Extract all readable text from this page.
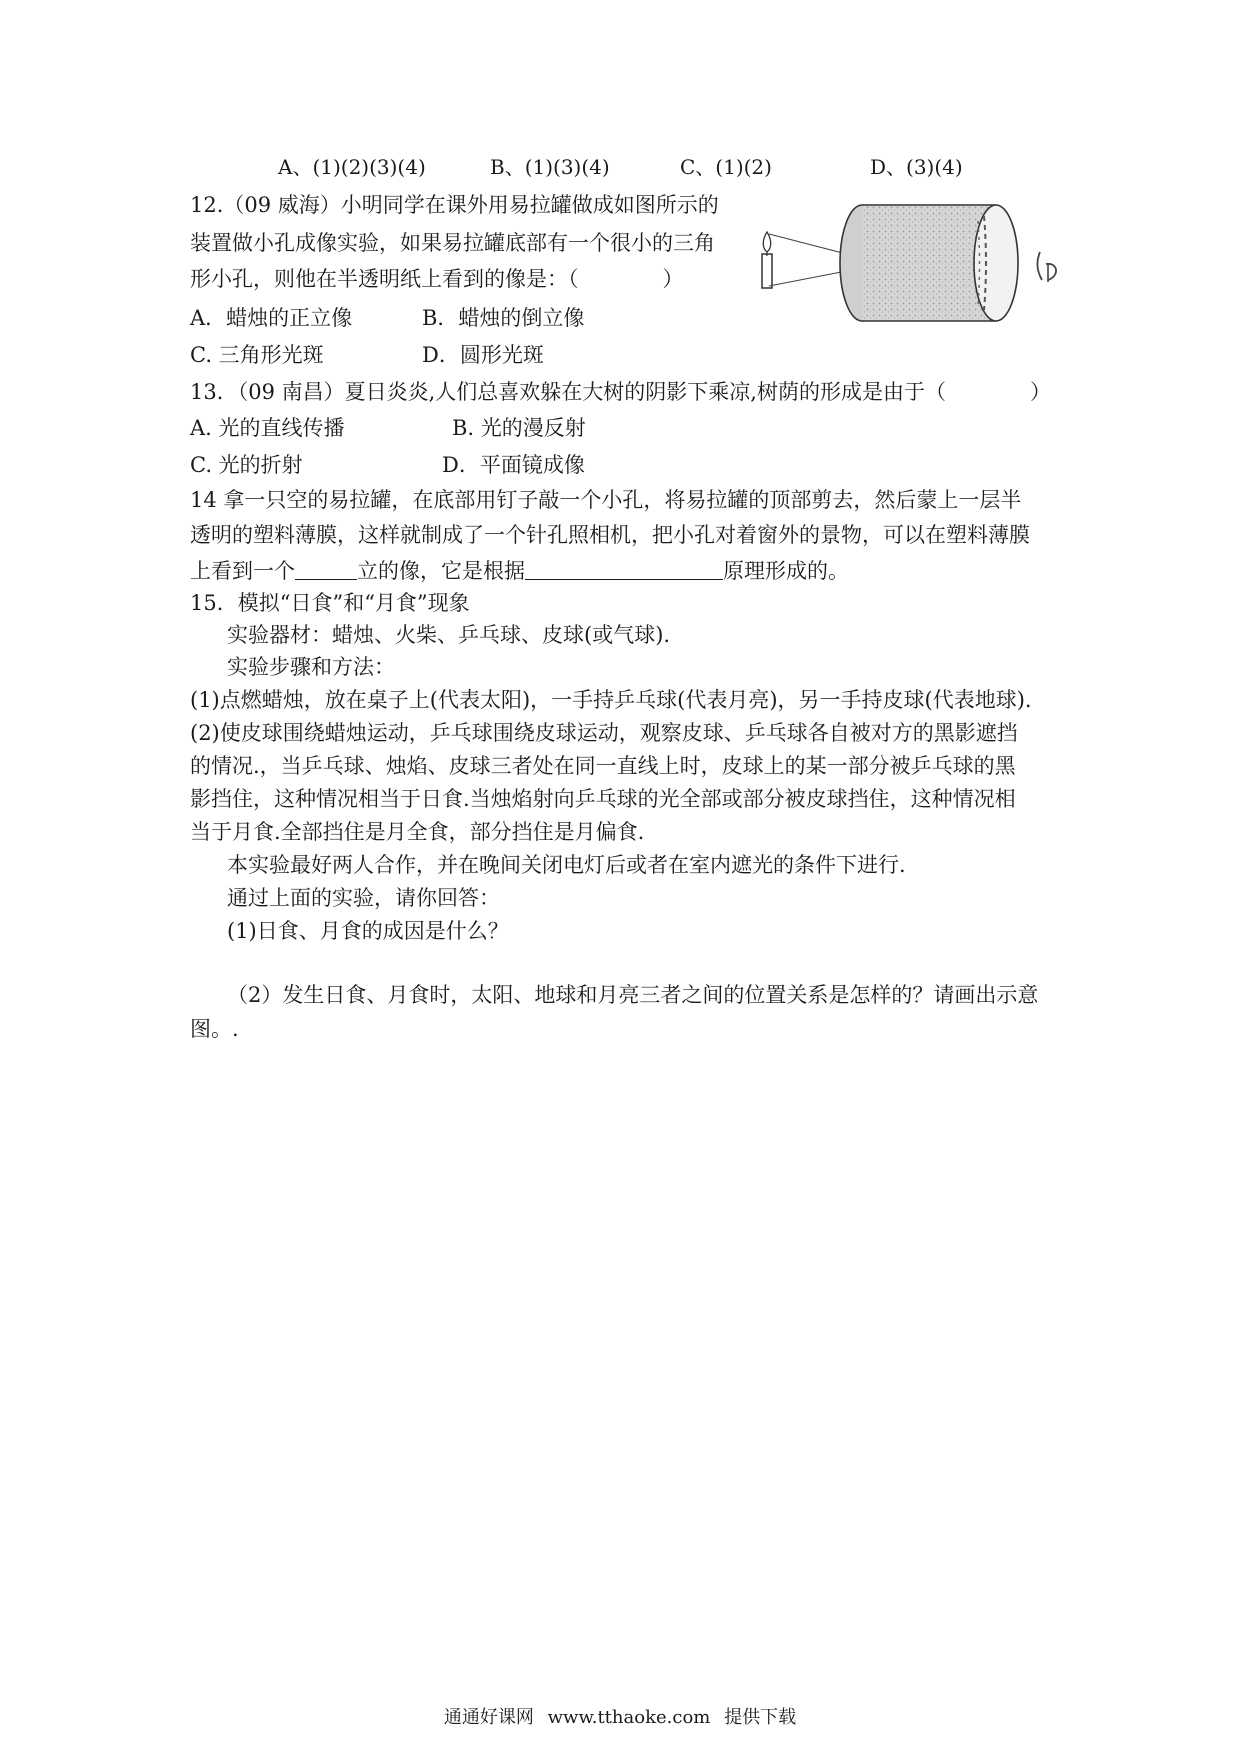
A、(1)(2)(3)(4)	B、(1)(3)(4)	C、(1)(2)	D、(3)(4)
12.（09 威海）小明同学在课外用易拉罐做成如图所示的
装置做小孔成像实验，如果易拉罐底部有一个很小的三角
形小孔，则他在半透明纸上看到的像是：（　　　　）
A．蜡烛的正立像	B．蜡烛的倒立像
C. 三角形光斑	D．圆形光斑
13．（09 南昌）夏日炎炎,人们总喜欢躲在大树的阴影下乘凉,树荫的形成是由于（　　　　）
A. 光的直线传播	B. 光的漫反射
C. 光的折射	D．平面镜成像
14 拿一只空的易拉罐，在底部用钉子敲一个小孔，将易拉罐的顶部剪去，然后蒙上一层半
透明的塑料薄膜，这样就制成了一个针孔照相机，把小孔对着窗外的景物，可以在塑料薄膜
上看到一个	立的像，它是根据	原理形成的。
15．模拟“日食”和“月食”现象
实验器材：蜡烛、火柴、乒乓球、皮球(或气球).
实验步骤和方法：
(1)点燃蜡烛，放在桌子上(代表太阳)，一手持乒乓球(代表月亮)，另一手持皮球(代表地球).
(2)使皮球围绕蜡烛运动，乒乓球围绕皮球运动，观察皮球、乒乓球各自被对方的黑影遮挡
的情况.，当乒乓球、烛焰、皮球三者处在同一直线上时，皮球上的某一部分被乒乓球的黑
影挡住，这种情况相当于日食.当烛焰射向乒乓球的光全部或部分被皮球挡住，这种情况相
当于月食.全部挡住是月全食，部分挡住是月偏食.
本实验最好两人合作，并在晚间关闭电灯后或者在室内遮光的条件下进行.
通过上面的实验，请你回答：
(1)日食、月食的成因是什么？
（2）发生日食、月食时，太阳、地球和月亮三者之间的位置关系是怎样的？请画出示意
图。.
通通好课网 www.tthaoke.com 提供下载
